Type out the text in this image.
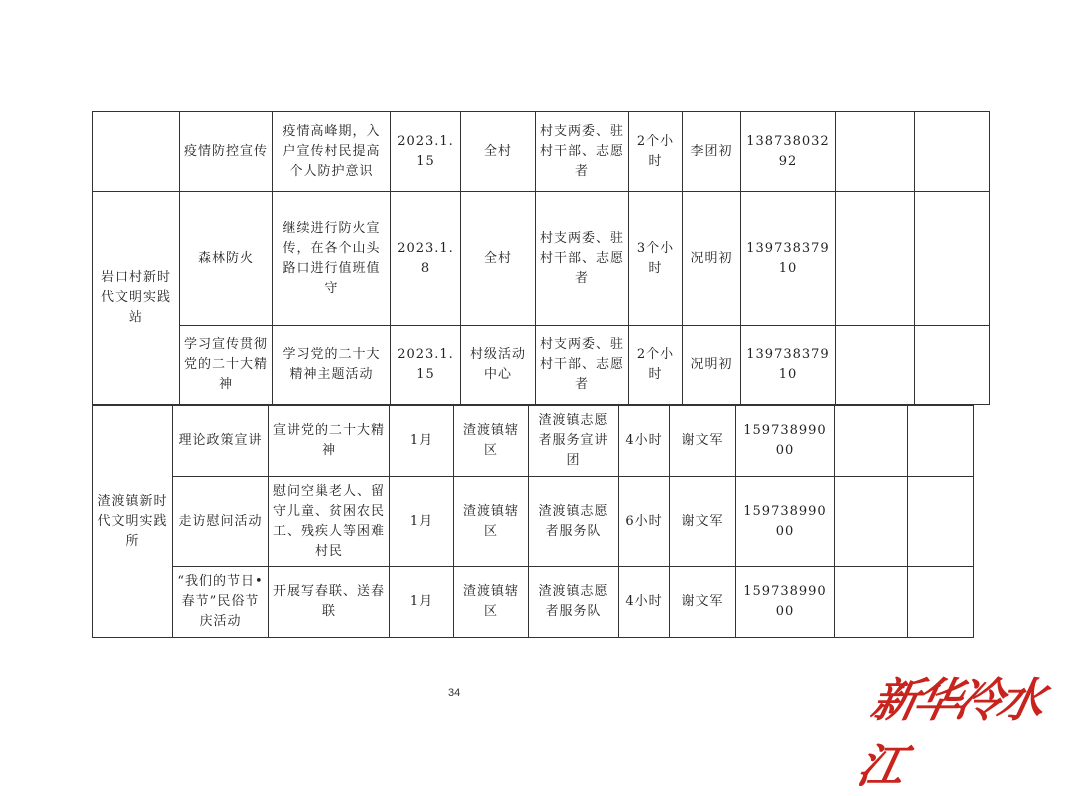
	疫情防控宣传	疫情高峰期，入户宣传村民提高个人防护意识	2023.1.15	全村	村支两委、驻村干部、志愿者	2个小时	李团初	13873803292		
岩口村新时代文明实践站	森林防火	继续进行防火宣传，在各个山头路口进行值班值守	2023.1.8	全村	村支两委、驻村干部、志愿者	3个小时	况明初	13973837910		
	学习宣传贯彻党的二十大精神	学习党的二十大精神主题活动	2023.1.15	村级活动中心	村支两委、驻村干部、志愿者	2个小时	况明初	13973837910		
渣渡镇新时代文明实践所	理论政策宣讲	宣讲党的二十大精神	1月	渣渡镇辖区	渣渡镇志愿者服务宣讲团	4小时	谢文军	15973899000		
	走访慰问活动	慰问空巢老人、留守儿童、贫困农民工、残疾人等困难村民	1月	渣渡镇辖区	渣渡镇志愿者服务队	6小时	谢文军	15973899000		
	“我们的节日•春节”民俗节庆活动	开展写春联、送春联	1月	渣渡镇辖区	渣渡镇志愿者服务队	4小时	谢文军	15973899000		
34	新华冷水江
